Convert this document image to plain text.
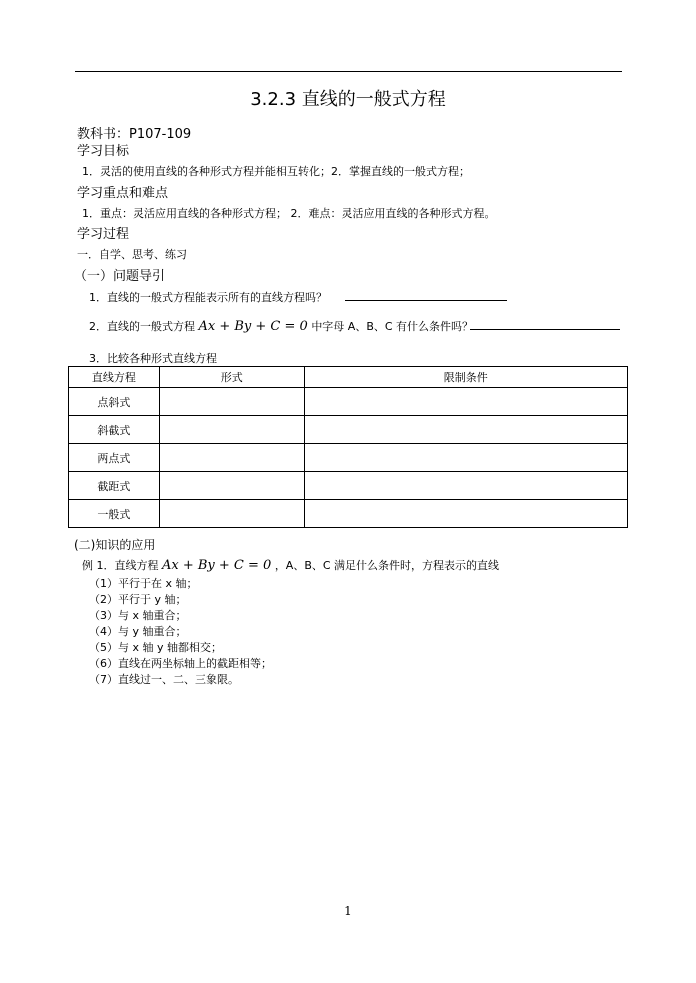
3.2.3 直线的一般式方程
教科书：P107-109
学习目标
1．灵活的使用直线的各种形式方程并能相互转化；2．掌握直线的一般式方程；
学习重点和难点
1．重点：灵活应用直线的各种形式方程； 2．难点：灵活应用直线的各种形式方程。
学习过程
一．自学、思考、练习
（一）问题导引
1．直线的一般式方程能表示所有的直线方程吗？
2．直线的一般式方程 Ax + By + C = 0 中字母 A、B、C 有什么条件吗？
3．比较各种形式直线方程
直线方程	形式	限制条件
点斜式		
斜截式		
两点式		
截距式		
一般式		
(二)知识的应用
例 1．直线方程 Ax + By + C = 0 ，A、B、C 满足什么条件时，方程表示的直线
（1）平行于在 x 轴；
（2）平行于 y 轴；
（3）与 x 轴重合；
（4）与 y 轴重合；
（5）与 x 轴 y 轴都相交；
（6）直线在两坐标轴上的截距相等；
（7）直线过一、二、三象限。
1
